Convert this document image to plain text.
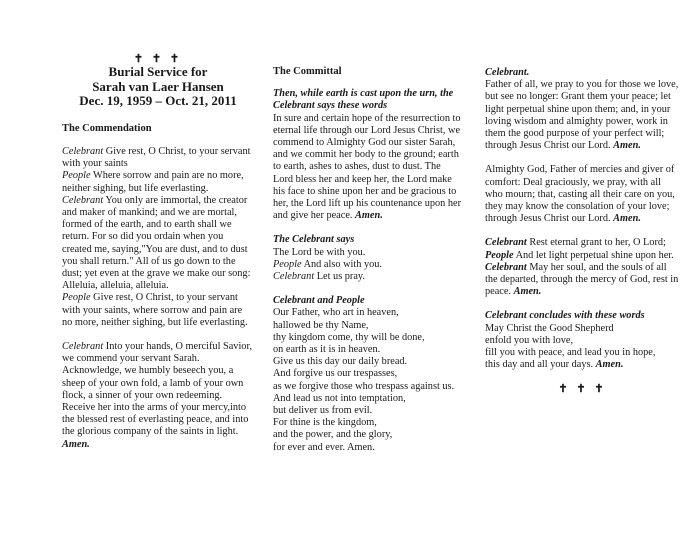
✝ ✝ ✝
Burial Service for
Sarah van Laer Hansen
Dec. 19, 1959 – Oct. 21, 2011
The Commendation

Celebrant Give rest, O Christ, to your servant with your saints
People Where sorrow and pain are no more, neither sighing, but life everlasting.
Celebrant You only are immortal, the creator and maker of mankind; and we are mortal, formed of the earth, and to earth shall we return. For so did you ordain when you created me, saying,"You are dust, and to dust you shall return." All of us go down to the dust; yet even at the grave we make our song: Alleluia, alleluia, alleluia.
People Give rest, O Christ, to your servant with your saints, where sorrow and pain are no more, neither sighing, but life everlasting.

Celebrant Into your hands, O merciful Savior, we commend your servant Sarah. Acknowledge, we humbly beseech you, a sheep of your own fold, a lamb of your own flock, a sinner of your own redeeming. Receive her into the arms of your mercy,into the blessed rest of everlasting peace, and into the glorious company of the saints in light. Amen.

The Committal

Then, while earth is cast upon the urn, the Celebrant says these words

In sure and certain hope of the resurrection to eternal life through our Lord Jesus Christ, we commend to Almighty God our sister Sarah, and we commit her body to the ground; earth to earth, ashes to ashes, dust to dust. The Lord bless her and keep her, the Lord make his face to shine upon her and be gracious to her, the Lord lift up his countenance upon her and give her peace. Amen.

The Celebrant says

The Lord be with you.
People And also with you.
Celebrant Let us pray.

Celebrant and People

Our Father, who art in heaven,
hallowed be thy Name,
thy kingdom come, thy will be done,
on earth as it is in heaven.
Give us this day our daily bread.
And forgive us our trespasses,
as we forgive those who trespass against us.
And lead us not into temptation,
but deliver us from evil.
For thine is the kingdom,
and the power, and the glory,
for ever and ever. Amen.

Celebrant.

Father of all, we pray to you for those we love, but see no longer: Grant them your peace; let light perpetual shine upon them; and, in your loving wisdom and almighty power, work in them the good purpose of your perfect will; through Jesus Christ our Lord. Amen.

Almighty God, Father of mercies and giver of comfort: Deal graciously, we pray, with all who mourn; that, casting all their care on you, they may know the consolation of your love; through Jesus Christ our Lord. Amen.

Celebrant Rest eternal grant to her, O Lord;
People And let light perpetual shine upon her.
Celebrant May her soul, and the souls of all the departed, through the mercy of God, rest in peace. Amen.

Celebrant concludes with these words

May Christ the Good Shepherd
enfold you with love,
fill you with peace, and lead you in hope,
this day and all your days. Amen.

✝ ✝ ✝
